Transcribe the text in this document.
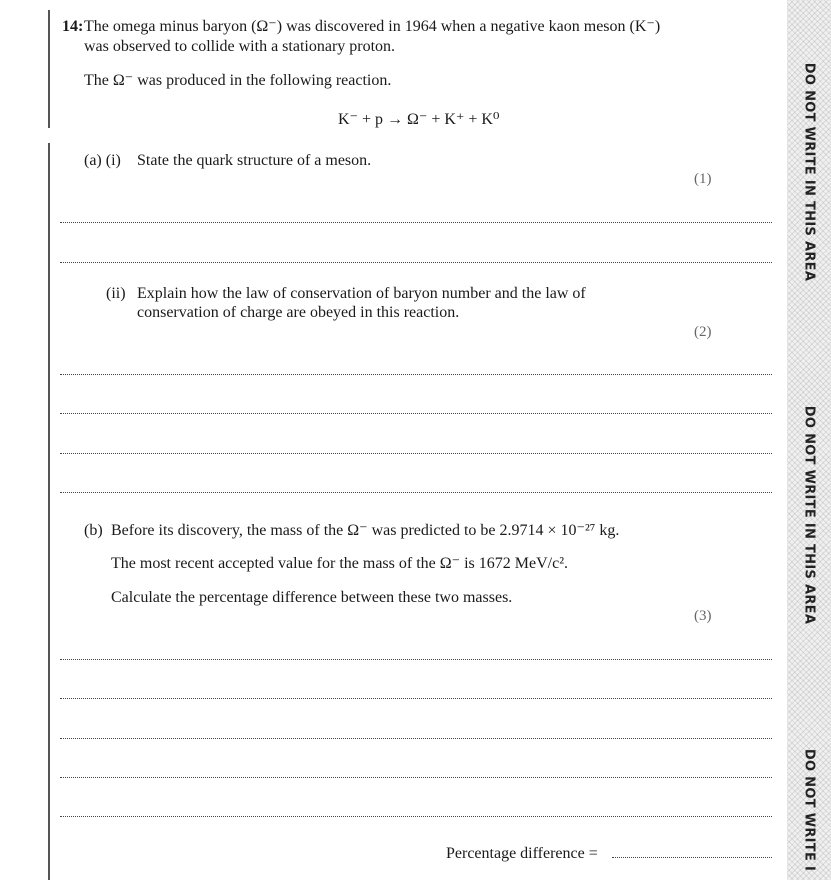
14: The omega minus baryon (Ω⁻) was discovered in 1964 when a negative kaon meson (K⁻)
was observed to collide with a stationary proton.
The Ω⁻ was produced in the following reaction.
K⁻ + p → Ω⁻ + K⁺ + K⁰
(a) (i) State the quark structure of a meson.
(1)
(ii) Explain how the law of conservation of baryon number and the law of
conservation of charge are obeyed in this reaction.
(2)
(b) Before its discovery, the mass of the Ω⁻ was predicted to be 2.9714 × 10⁻²⁷ kg.
The most recent accepted value for the mass of the Ω⁻ is 1672 MeV/c².
Calculate the percentage difference between these two masses.
(3)
Percentage difference =
DO NOT WRITE IN THIS AREA
DO NOT WRITE IN THIS AREA
DO NOT WRITE I
